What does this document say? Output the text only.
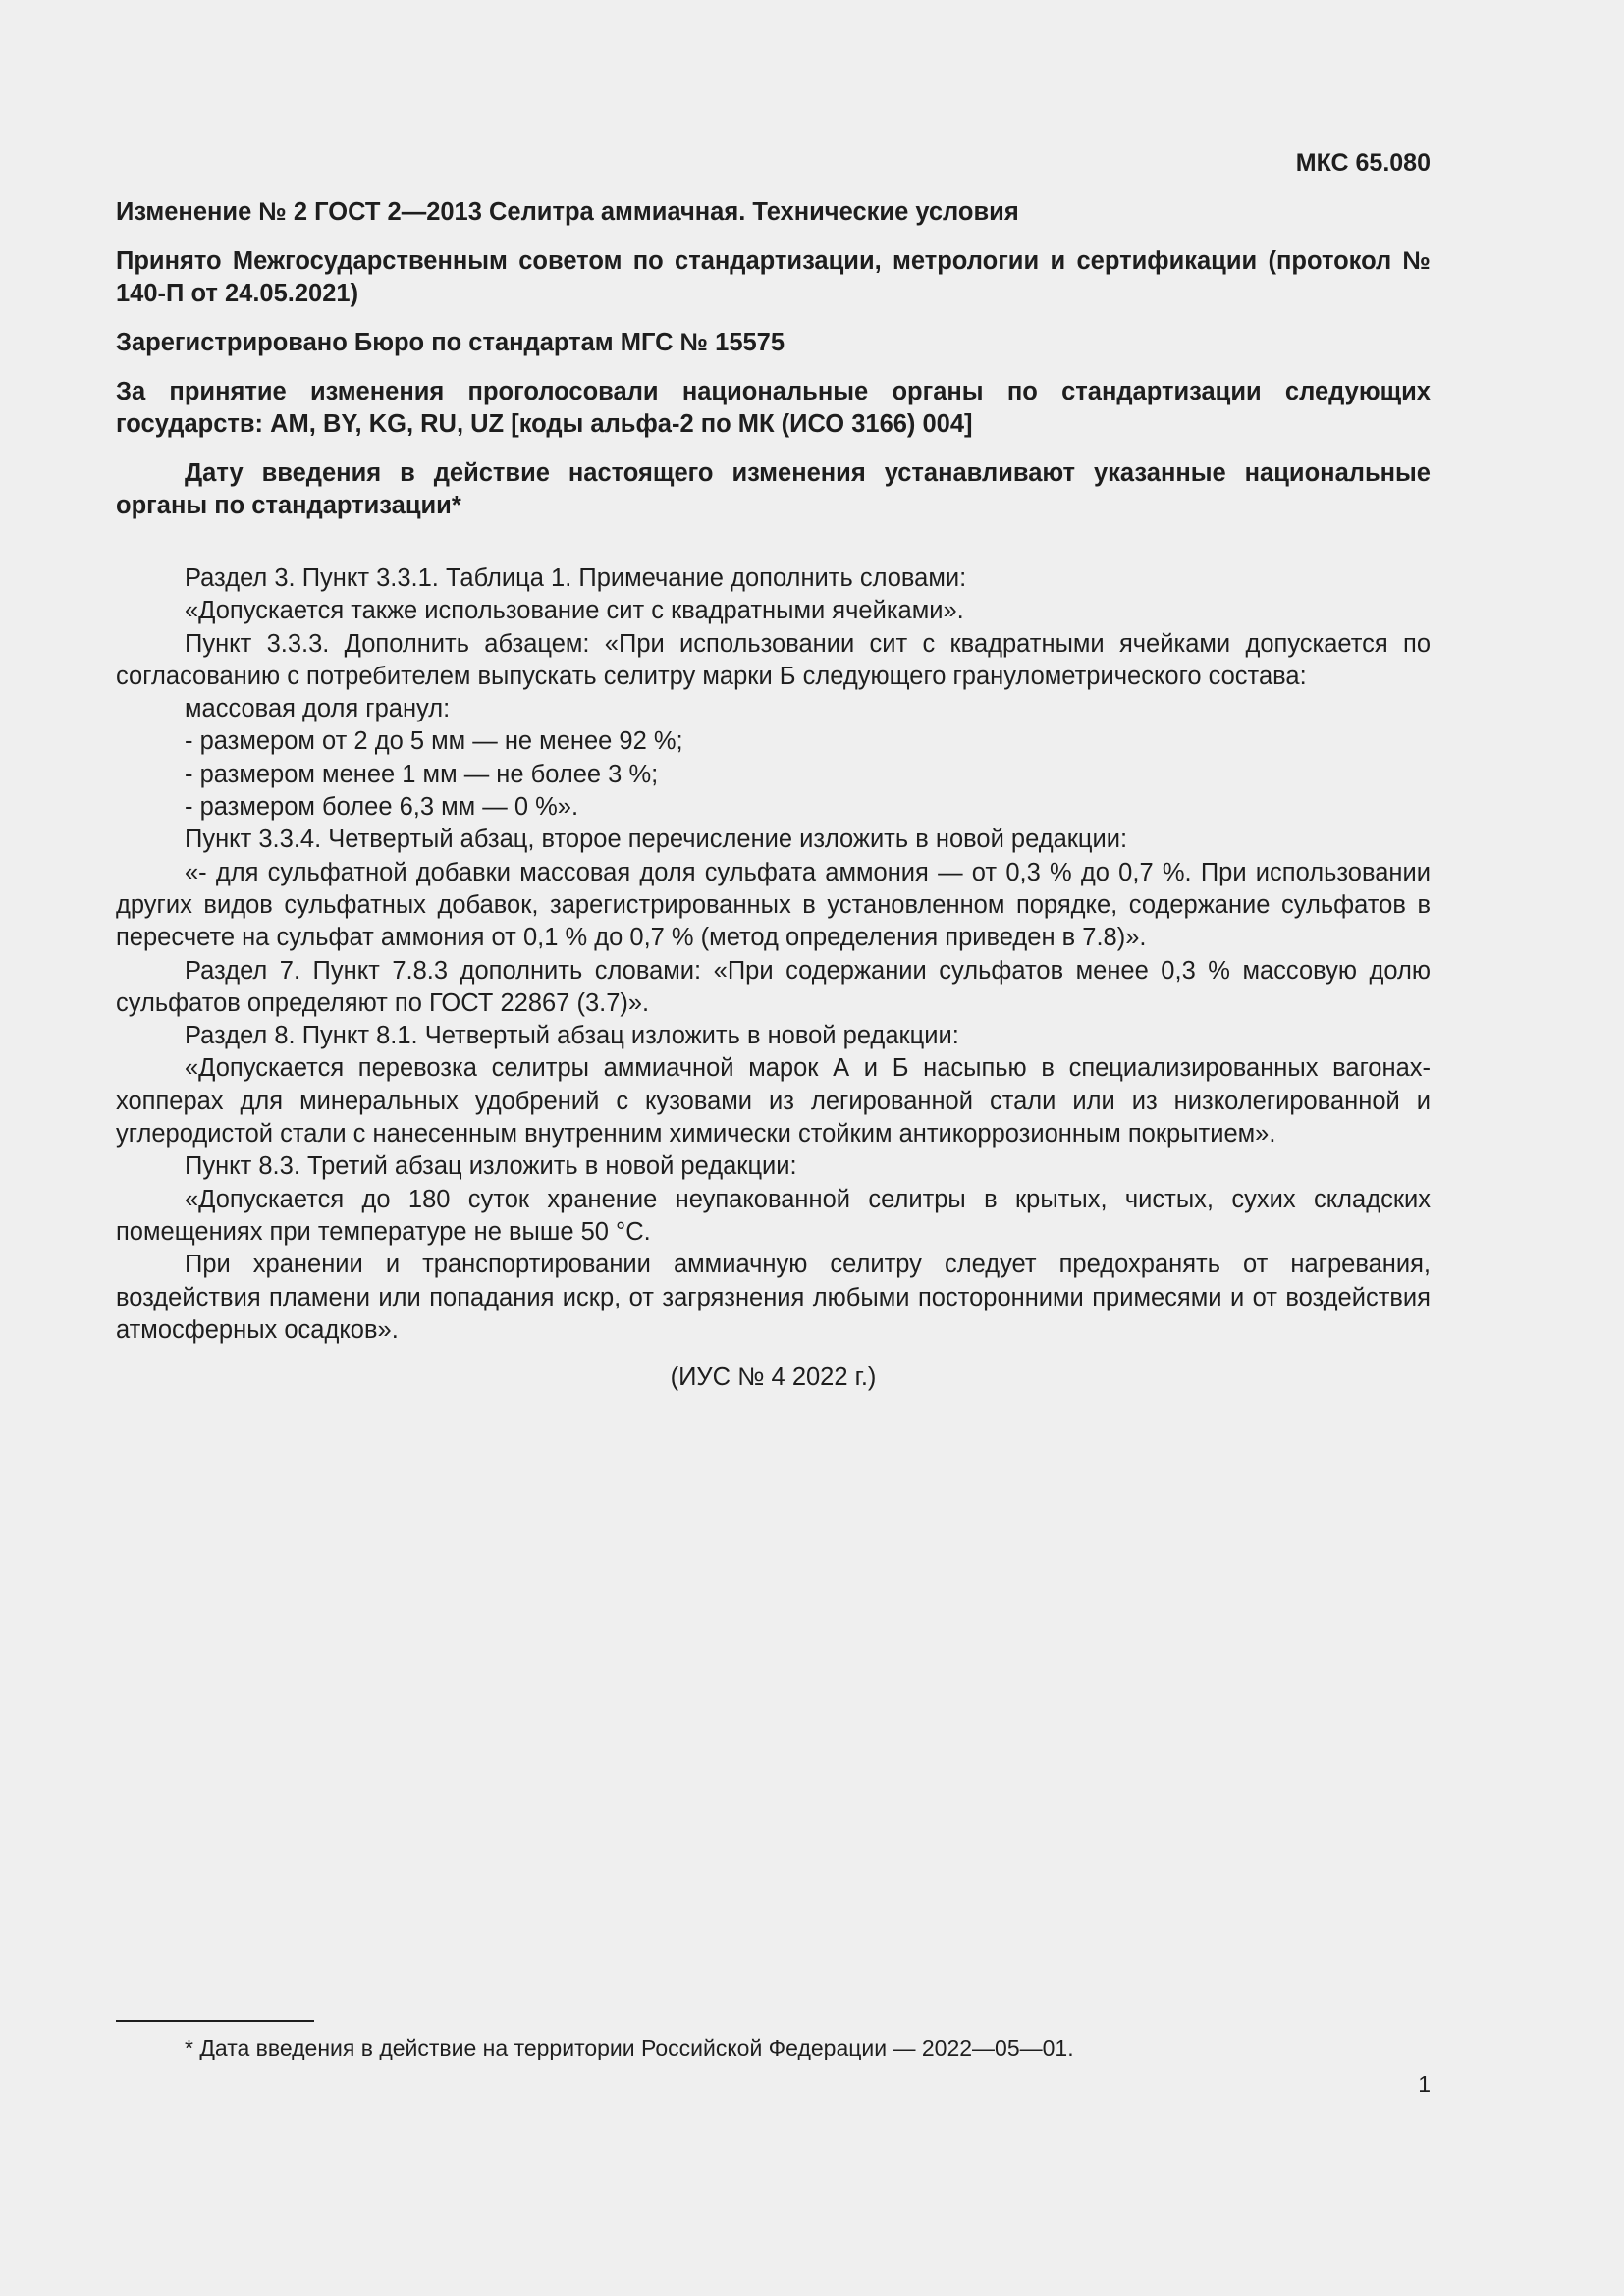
МКС 65.080

Изменение № 2 ГОСТ 2—2013 Селитра аммиачная. Технические условия

Принято Межгосударственным советом по стандартизации, метрологии и сертификации (протокол № 140-П от 24.05.2021)

Зарегистрировано Бюро по стандартам МГС № 15575

За принятие изменения проголосовали национальные органы по стандартизации следующих государств: AM, BY, KG, RU, UZ [коды альфа-2 по МК (ИСО 3166) 004]

Дату введения в действие настоящего изменения устанавливают указанные национальные органы по стандартизации*

Раздел 3. Пункт 3.3.1. Таблица 1. Примечание дополнить словами:

«Допускается также использование сит с квадратными ячейками».

Пункт 3.3.3. Дополнить абзацем: «При использовании сит с квадратными ячейками допускается по согласованию с потребителем выпускать селитру марки Б следующего гранулометрического состава:

массовая доля гранул:

- размером от 2 до 5 мм — не менее 92 %;

- размером менее 1 мм — не более 3 %;

- размером более 6,3 мм — 0 %».

Пункт 3.3.4. Четвертый абзац, второе перечисление изложить в новой редакции:

«- для сульфатной добавки массовая доля сульфата аммония — от 0,3 % до 0,7 %. При использовании других видов сульфатных добавок, зарегистрированных в установленном порядке, содержание сульфатов в пересчете на сульфат аммония от 0,1 % до 0,7 % (метод определения приведен в 7.8)».

Раздел 7. Пункт 7.8.3 дополнить словами: «При содержании сульфатов менее 0,3 % массовую долю сульфатов определяют по ГОСТ 22867 (3.7)».

Раздел 8. Пункт 8.1. Четвертый абзац изложить в новой редакции:

«Допускается перевозка селитры аммиачной марок А и Б насыпью в специализированных вагонах-хопперах для минеральных удобрений с кузовами из легированной стали или из низколегированной и углеродистой стали с нанесенным внутренним химически стойким антикоррозионным покрытием».

Пункт 8.3. Третий абзац изложить в новой редакции:

«Допускается до 180 суток хранение неупакованной селитры в крытых, чистых, сухих складских помещениях при температуре не выше 50 °С.

При хранении и транспортировании аммиачную селитру следует предохранять от нагревания, воздействия пламени или попадания искр, от загрязнения любыми посторонними примесями и от воздействия атмосферных осадков».

(ИУС № 4 2022 г.)

* Дата введения в действие на территории Российской Федерации — 2022—05—01.

1
